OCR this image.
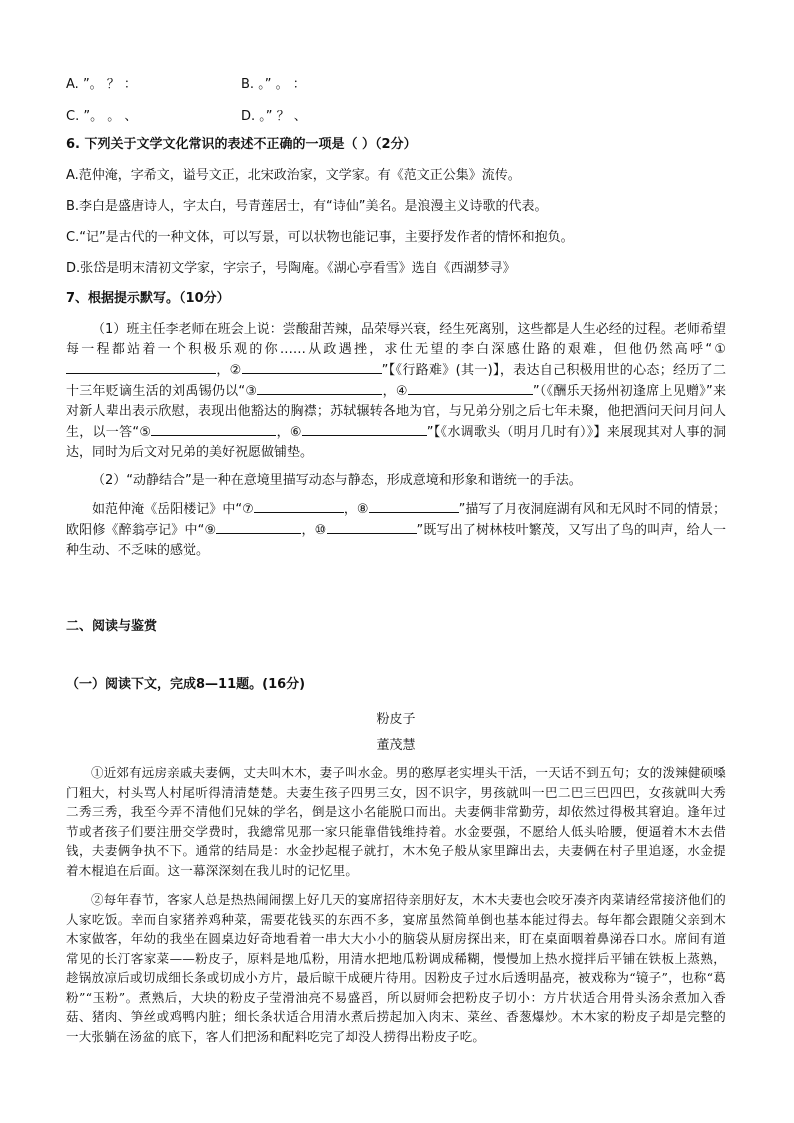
A. ”。 ？ ：	B. 。” 。 ：
C. ”。 。 、	D. 。” ？ 、
6. 下列关于文学文化常识的表述不正确的一项是（ ）（2分）
A.范仲淹，字希文，谥号文正，北宋政治家，文学家。有《范文正公集》流传。
B.李白是盛唐诗人，字太白，号青莲居士，有“诗仙”美名。是浪漫主义诗歌的代表。
C.“记”是古代的一种文体，可以写景，可以状物也能记事，主要抒发作者的情怀和抱负。
D.张岱是明末清初文学家，字宗子，号陶庵。《湖心亭看雪》选自《西湖梦寻》
7、根据提示默写。（10分）
（1）班主任李老师在班会上说：尝酸甜苦辣，品荣辱兴衰，经生死离别，这些都是人生必经的过程。老师希望每一程都站着一个积极乐观的你……从政遇挫，求仕无望的李白深感仕路的艰难，但他仍然高呼“①，②	”【《行路难》(其一)】，表达自己积极用世的心态；经历了二十三年贬谪生活的刘禹锡仍以“③	，④	”（《酬乐天扬州初逢席上见赠》”来对新人辈出表示欣慰，表现出他豁达的胸襟；苏轼辗转各地为官，与兄弟分别之后七年未聚，他把酒问天问月问人生，以一答“⑤	，⑥	”【《水调歌头（明月几时有）》】来展现其对人事的洞达，同时为后文对兄弟的美好祝愿做铺垫。
（2）“动静结合”是一种在意境里描写动态与静态，形成意境和形象和谐统一的手法。
如范仲淹《岳阳楼记》中“⑦	，⑧	”描写了月夜洞庭湖有风和无风时不同的情景；欧阳修《醉翁亭记》中“⑨	，⑩	”既写出了树林枝叶繁茂，又写出了鸟的叫声，给人一种生动、不乏味的感觉。
二、阅读与鉴赏
（一）阅读下文，完成8—11题。(16分)
粉皮子
董茂慧
①近郊有远房亲戚夫妻俩，丈夫叫木木，妻子叫水金。男的憨厚老实埋头干活，一天话不到五句；女的泼辣健硕嗓门粗大，村头骂人村尾听得清清楚楚。夫妻生孩子四男三女，因不识字，男孩就叫一巴二巴三巴四巴，女孩就叫大秀二秀三秀，我至今弄不清他们兄妹的学名，倒是这小名能脱口而出。夫妻俩非常勤劳，却依然过得极其窘迫。逢年过节或者孩子们要注册交学费时，我總常见那一家只能靠借钱维持着。水金要强，不愿给人低头哈腰，便逼着木木去借钱，夫妻俩争执不下。通常的结局是：水金抄起棍子就打，木木免子般从家里蹿出去，夫妻俩在村子里追逐，水金提着木棍追在后面。这一幕深深刻在我儿时的记忆里。
②每年春节，客家人总是热热闹闹摆上好几天的宴席招待亲朋好友，木木夫妻也会咬牙凑齐肉菜请经常接济他们的人家吃饭。幸而自家猪养鸡种菜，需要花钱买的东西不多，宴席虽然简单倒也基本能过得去。每年都会跟随父亲到木木家做客，年幼的我坐在圆桌边好奇地看着一串大大小小的脑袋从厨房探出来，盯在桌面咽着鼻涕吞口水。席间有道常见的长汀客家菜——粉皮子，原料是地瓜粉，用清水把地瓜粉调成稀糊，慢慢加上热水搅拌后平铺在铁板上蒸熟，趁锅放凉后或切成细长条或切成小方片，最后晾干成硬片待用。因粉皮子过水后透明晶亮，被戏称为“镜子”，也称“葛粉”“玉粉”。煮熟后，大块的粉皮子莹滑油亮不易盛舀，所以厨师会把粉皮子切小：方片状适合用骨头汤余煮加入香菇、猪肉、笋丝或鸡鸭内脏；细长条状适合用清水煮后捞起加入肉末、菜丝、香葱爆炒。木木家的粉皮子却是完整的一大张躺在汤盆的底下，客人们把汤和配料吃完了却没人捞得出粉皮子吃。
